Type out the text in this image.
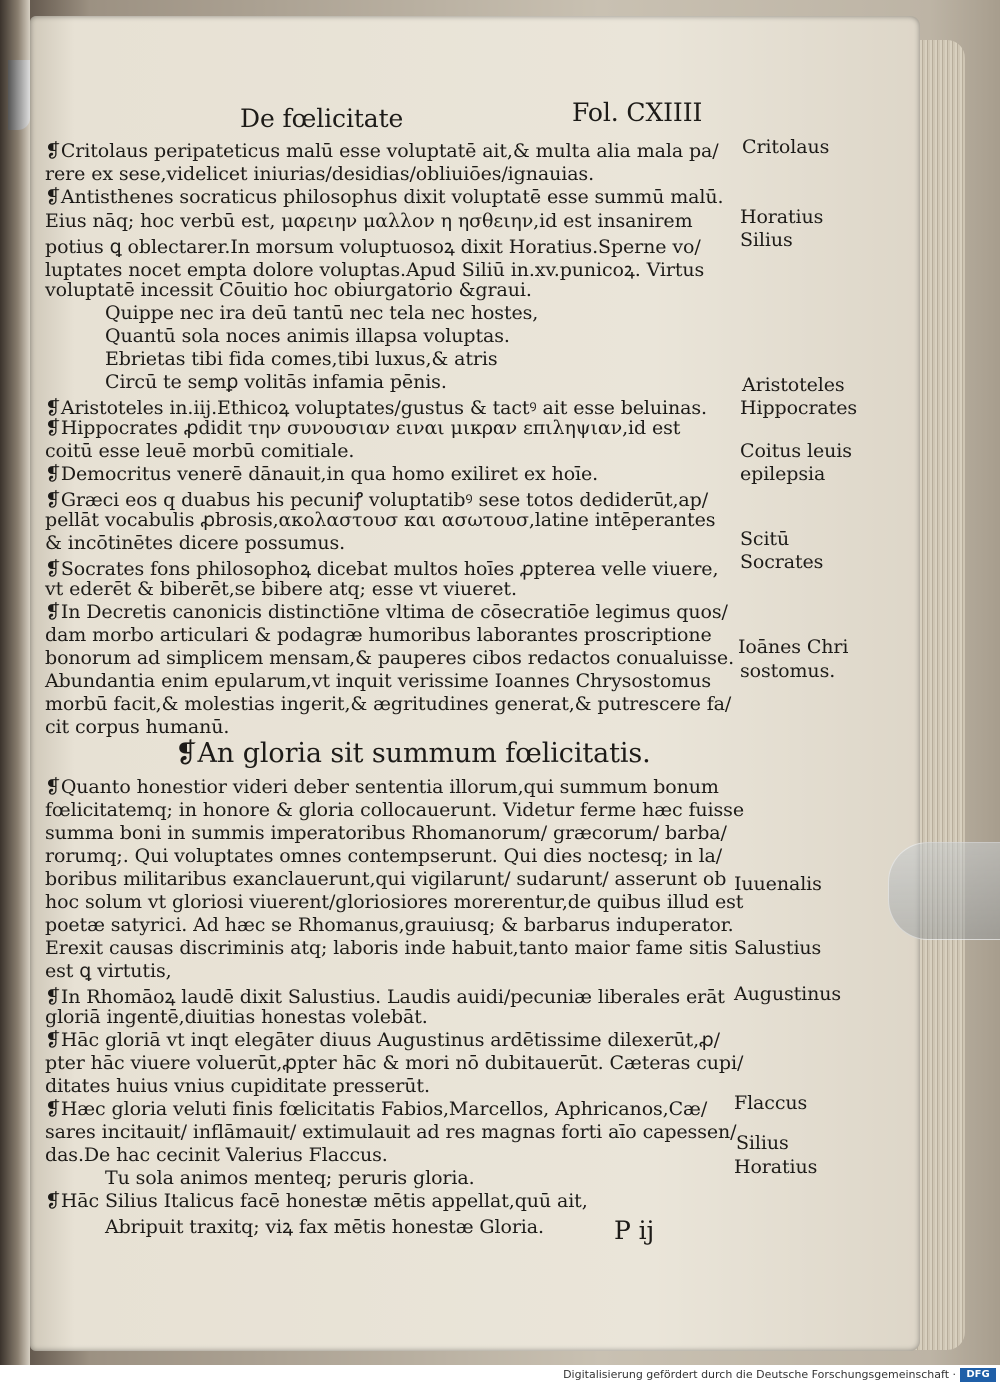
De fœlicitate	Fol. CXIIII
❡Critolaus peripateticus malū esse voluptatē ait,& multa alia mala pa/
rere ex sese,videlicet iniurias/desidias/obliuiōes/ignauias.
❡Antisthenes socraticus philosophus dixit voluptatē esse summū malū.
Eius nāq; hoc verbū est, μαρειην μαλλον η ησθειην,id est insanirem
potius ꝗ oblectarer.In morsum voluptuosoꝝ dixit Horatius.Sperne vo/
luptates nocet empta dolore voluptas.Apud Siliū in.xv.punicoꝝ. Virtus
voluptatē incessit Cōuitio hoc obiurgatorio &graui.
Quippe nec ira deū tantū nec tela nec hostes,
Quantū sola noces animis illapsa voluptas.
Ebrietas tibi fida comes,tibi luxus,& atris
Circū te semꝑ volitās infamia pēnis.
❡Aristoteles in.iij.Ethicoꝝ voluptates/gustus & tactꝰ ait esse beluinas.
❡Hippocrates ꝓdidit την συνουσιαν ειναι μικραν επιληψιαν,id est
coitū esse leuē morbū comitiale.
❡Democritus venerē dānauit,in qua homo exiliret ex hoīe.
❡Græci eos q duabus his pecuniꝭ voluptatibꝰ sese totos dediderūt,ap/
pellāt vocabulis ꝓbrosis,ακολαστουσ και ασωτουσ,latine intēperantes
& incōtinētes dicere possumus.
❡Socrates fons philosophoꝝ dicebat multos hoīes ꝓpterea velle viuere,
vt ederēt & biberēt,se bibere atq; esse vt viueret.
❡In Decretis canonicis distinctiōne vltima de cōsecratiōe legimus quos/
dam morbo articulari & podagræ humoribus laborantes proscriptione
bonorum ad simplicem mensam,& pauperes cibos redactos conualuisse.
Abundantia enim epularum,vt inquit verissime Ioannes Chrysostomus
morbū facit,& molestias ingerit,& ægritudines generat,& putrescere fa/
cit corpus humanū.
❡An gloria sit summum fœlicitatis.
❡Quanto honestior videri deber sententia illorum,qui summum bonum
fœlicitatemq; in honore & gloria collocauerunt. Videtur ferme hæc fuisse
summa boni in summis imperatoribus Rhomanorum/ græcorum/ barba/
rorumq;. Qui voluptates omnes contempserunt. Qui dies noctesq; in la/
boribus militaribus exanclauerunt,qui vigilarunt/ sudarunt/ asserunt ob
hoc solum vt gloriosi viuerent/gloriosiores morerentur,de quibus illud est
poetæ satyrici. Ad hæc se Rhomanus,grauiusq; & barbarus induperator.
Erexit causas discriminis atq; laboris inde habuit,tanto maior fame sitis
est ꝗ virtutis,
❡In Rhomāoꝝ laudē dixit Salustius. Laudis auidi/pecuniæ liberales erāt
gloriā ingentē,diuitias honestas volebāt.
❡Hāc gloriā vt inqt elegāter diuus Augustinus ardētissime dilexerūt,ꝓ/
pter hāc viuere voluerūt,ꝓpter hāc & mori nō dubitauerūt. Cæteras cupi/
ditates huius vnius cupiditate presserūt.
❡Hæc gloria veluti finis fœlicitatis Fabios,Marcellos, Aphricanos,Cæ/
sares incitauit/ inflāmauit/ extimulauit ad res magnas forti aīo capessen/
das.De hac cecinit Valerius Flaccus.
Tu sola animos menteq; peruris gloria.
❡Hāc Silius Italicus facē honestæ mētis appellat,quū ait,
Abripuit traxitq; viꝝ fax mētis honestæ Gloria.	P ij
Critolaus
Horatius
Silius
Aristoteles
Hippocrates
Coitus leuis
epilepsia
Scitū
Socrates
Ioānes Chri
sostomus.
Iuuenalis
Salustius
Augustinus
Flaccus
Silius
Horatius
Digitalisierung gefördert durch die Deutsche Forschungsgemeinschaft ·	DFG
